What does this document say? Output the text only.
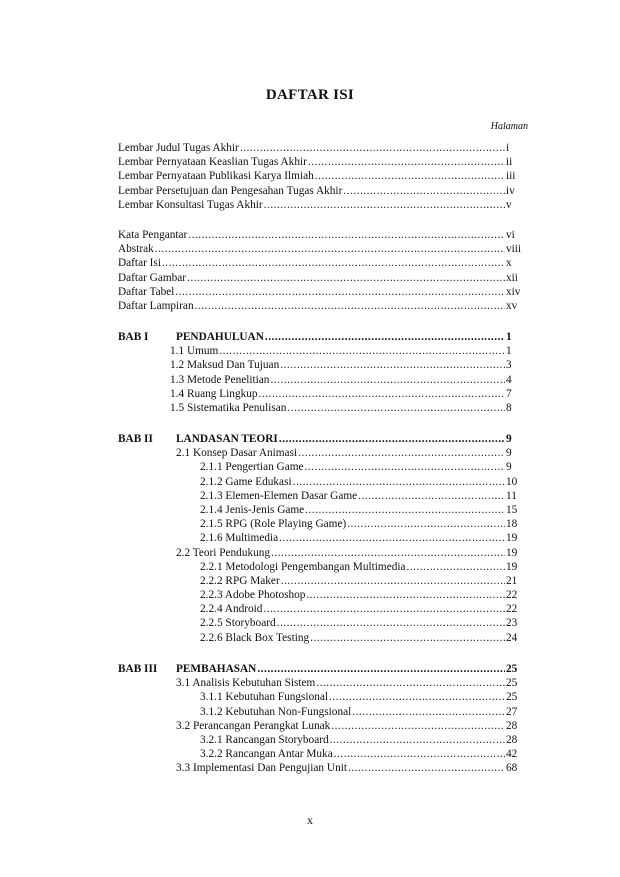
DAFTAR ISI
Halaman
Lembar Judul Tugas Akhir .....	i
Lembar Pernyataan Keaslian Tugas Akhir .....	ii
Lembar Pernyataan Publikasi Karya Ilmiah .....	iii
Lembar Persetujuan dan Pengesahan Tugas Akhir .....	iv
Lembar Konsultasi Tugas Akhir .....	v
Kata Pengantar .....	vi
Abstrak .....	viii
Daftar Isi .....	x
Daftar Gambar .....	xii
Daftar Tabel .....	xiv
Daftar Lampiran .....	xv
BAB I PENDAHULUAN .....	1
1.1 Umum .....	1
1.2 Maksud Dan Tujuan .....	3
1.3 Metode Penelitian .....	4
1.4 Ruang Lingkup .....	7
1.5 Sistematika Penulisan .....	8
BAB II LANDASAN TEORI .....	9
2.1 Konsep Dasar Animasi .....	9
2.1.1 Pengertian Game .....	9
2.1.2 Game Edukasi .....	10
2.1.3 Elemen-Elemen Dasar Game .....	11
2.1.4 Jenis-Jenis Game .....	15
2.1.5 RPG (Role Playing Game) .....	18
2.1.6 Multimedia .....	19
2.2 Teori Pendukung .....	19
2.2.1 Metodologi Pengembangan Multimedia .....	19
2.2.2 RPG Maker .....	21
2.2.3 Adobe Photoshop .....	22
2.2.4 Android .....	22
2.2.5 Storyboard .....	23
2.2.6 Black Box Testing .....	24
BAB III PEMBAHASAN .....	25
3.1 Analisis Kebutuhan Sistem .....	25
3.1.1 Kebutuhan Fungsional .....	25
3.1.2 Kebutuhan Non-Fungsional .....	27
3.2 Perancangan Perangkat Lunak .....	28
3.2.1 Rancangan Storyboard .....	28
3.2.2 Rancangan Antar Muka .....	42
3.3 Implementasi Dan Pengujian Unit .....	68
x
